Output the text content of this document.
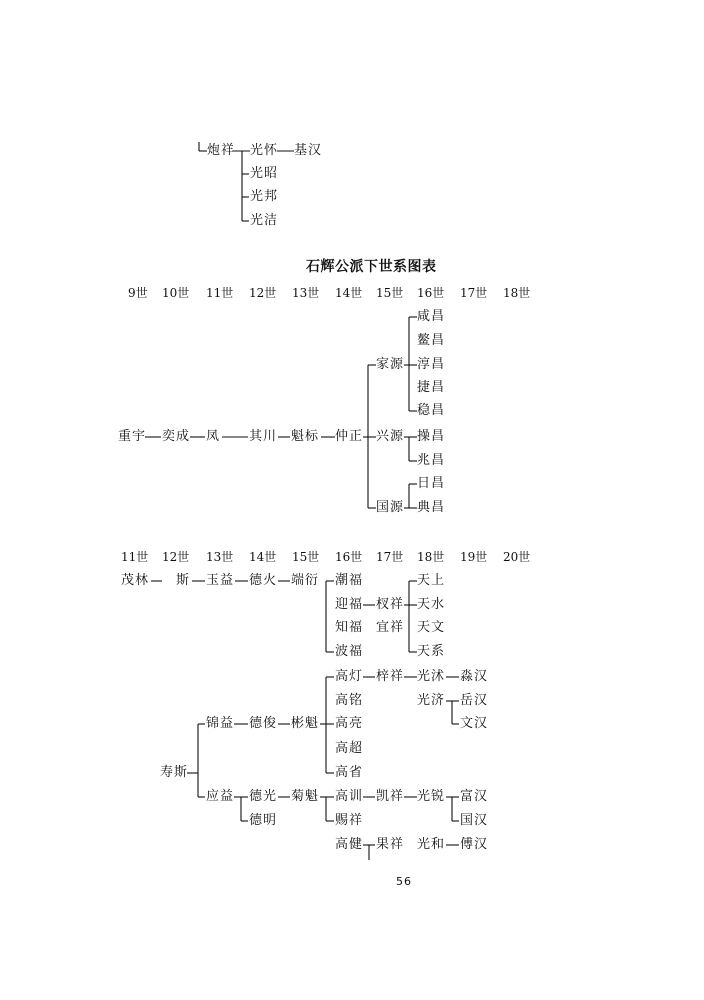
炮祥 光怀 基汉
光昭
光邦
光洁
石辉公派下世系图表
9世 10世 11世 12世 13世 14世 15世 16世 17世 18世
重宇 奕成 凤 其川 魁标 仲正
家源
兴源
国源
咸昌
鳌昌
淳昌
捷昌
稳昌
操昌
兆昌
日昌
典昌
11世 12世 13世 14世 15世 16世 17世 18世 19世 20世
茂林 斯 玉益 德火 端衍 潮福
迎福
知福
波福
杈祥
宜祥
天上
天水
天文
天系
寿斯
锦益 德俊 彬魁
高灯
高铭
高亮
高超
高省
梓祥 光沭 淼汉
光济 岳汉
文汉
应益 德光
德明
菊魁 高训
赐祥
高健
凯祥
果祥
光锐
光和
富汉
国汉
傅汉
56
